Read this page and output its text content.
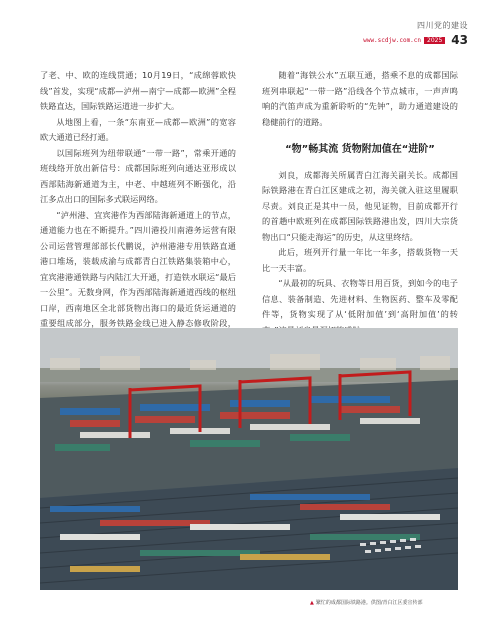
四川党的建设
www.scdjw.com.cn	2025 43

了老、中、欧的连线贯通；10月19日，“成绵蓉欧快线”首发，实现“成都—泸州—南宁—成都—欧洲”全程铁路直达，国际铁路运道进一步扩大。

从地图上看，一条“东南亚—成都—欧洲”的宽容欧大通道已经打通。

以国际班列为纽带联通“一带一路”，常乘开通的班线络开放出新信号：成都国际班列向通达亚形成以西部陆海新通道为主，中老、中越班列不断强化，沿江多点出口的国际多式联运网络。

“泸州港、宜宾港作为西部陆海新通道上的节点，通道能力也在不断提升。”四川港投川南港务运营有限公司运营管理部部长代鹏说，泸州港港专用铁路直通港口堆场，装载成渝与成都青白江铁路集装箱中心，宜宾港港通铁路与内陆江大开通，打造铁水联运“最后一公里”。无数身网，作为西部陆海新通道西线的枢纽口岸，西南地区全北部货物出海口的最近货运通道的重要组成部分，服务铁路金线已进入静态修收阶段，

随着“海铁公水”五联互通，搭乘不息的成都国际班列串联起“一带一路”沿线各个节点城市，一声声鸣响的汽笛声成为重新聆听的“先钟”，助力通道建设的稳健前行的道路。

“物”畅其流 货物附加值在“进阶”

刘良，成都海关所属青白江海关副关长。成都国际铁路港在青白江区建成之初，海关就入驻这里履职尽责。刘良正是其中一员，他见证物，目前成都开行的首趟中欧班列在成都国际铁路港出发，四川大宗货物出口“只能走海运”的历史，从这里终结。

此后，班列开行量一年比一年多，搭载货物一天比一天丰富。

“从最初的玩具、衣物等日用百货，到如今的电子信息、装备制造、先进材料、生物医药、整车及零配件等，货物实现了从‘低附加值’到‘高附加值’的转

▲ 繁忙的成都国际铁路港。供图/青白江区委宣传部
